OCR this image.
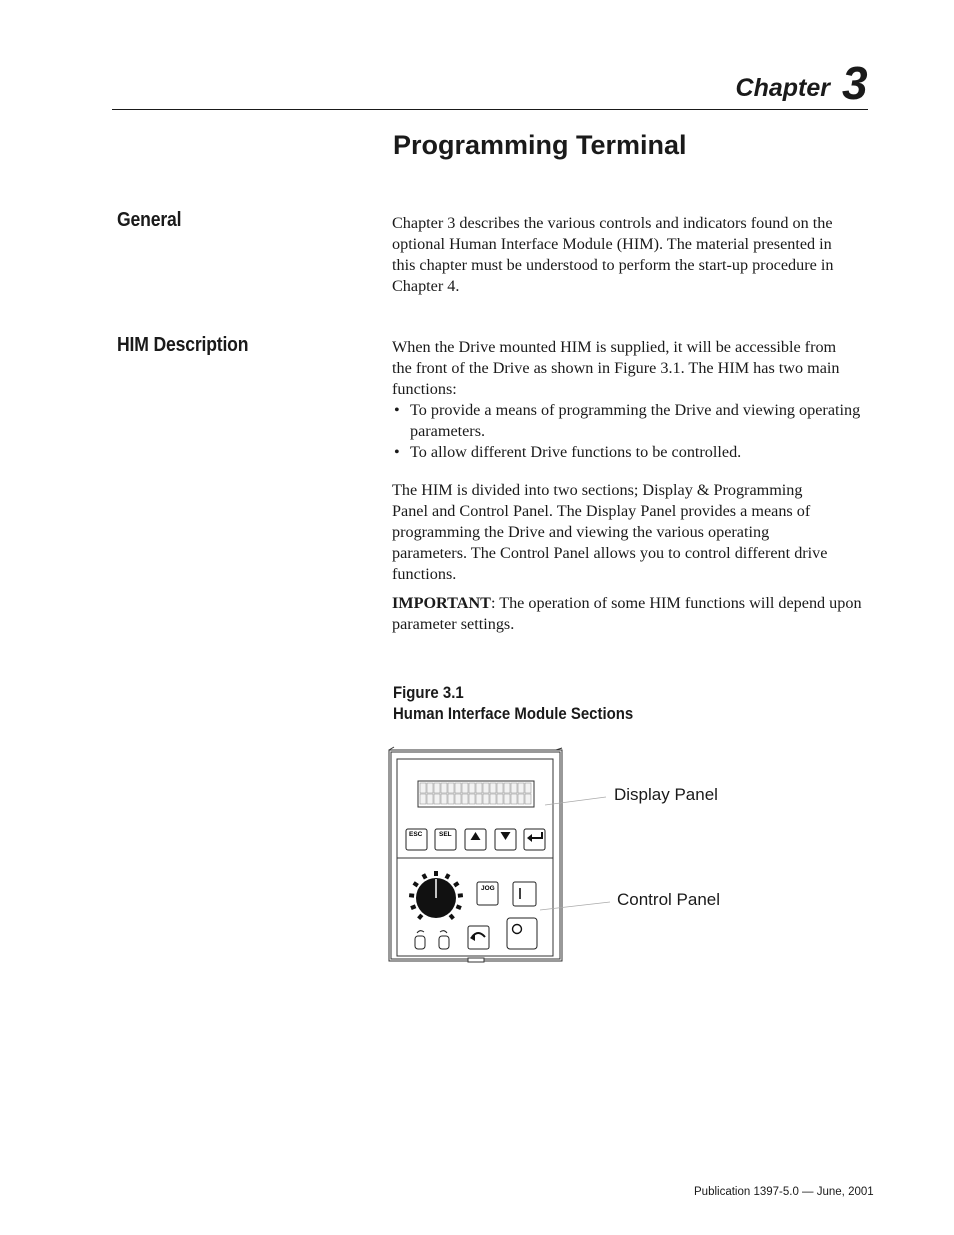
Chapter 3
Programming Terminal
General	Chapter 3 describes the various controls and indicators found on the
optional Human Interface Module (HIM). The material presented in
this chapter must be understood to perform the start-up procedure in
Chapter 4.
HIM Description	When the Drive mounted HIM is supplied, it will be accessible from
the front of the Drive as shown in Figure 3.1. The HIM has two main
functions:
• To provide a means of programming the Drive and viewing operating parameters.
• To allow different Drive functions to be controlled.
The HIM is divided into two sections; Display & Programming
Panel and Control Panel. The Display Panel provides a means of
programming the Drive and viewing the various operating
parameters. The Control Panel allows you to control different drive
functions.
IMPORTANT: The operation of some HIM functions will depend upon parameter settings.
Figure 3.1
Human Interface Module Sections
ESC	SEL
JOG
Display Panel
Control Panel
Publication 1397-5.0 — June, 2001
